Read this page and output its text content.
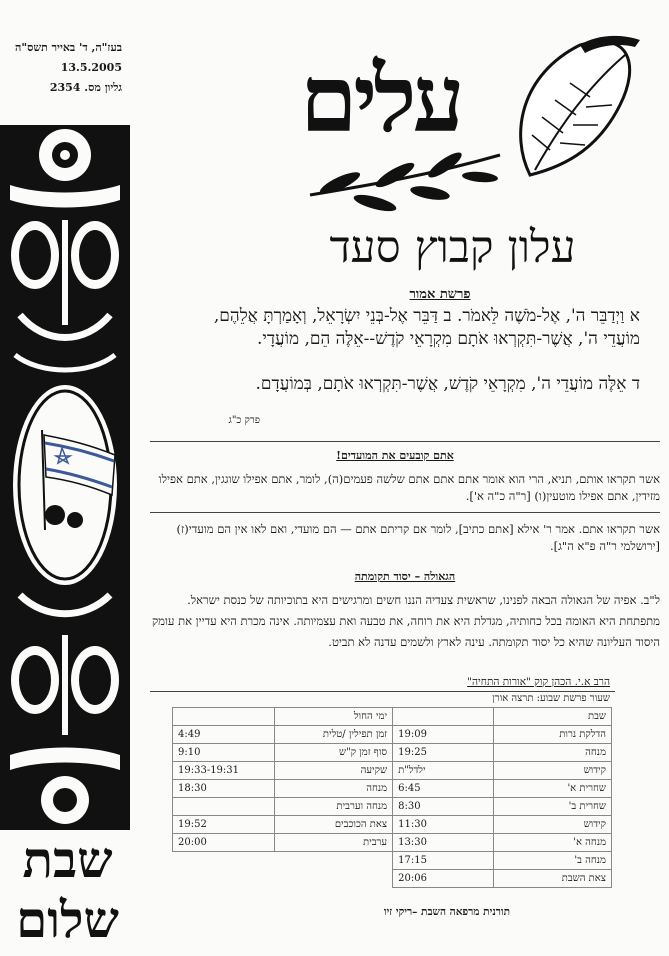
בעז"ה, ד' באייר תשס"ה
13.5.2005
גליון מס. 2354 עלים
עלון קבוץ סעד
שבת
שלום
פרשת אמור
א וַיְדַבֵּר ה', אֶל-מֹשֶׁה לֵּאמֹר. ב דַּבֵּר אֶל-בְּנֵי יִשְׂרָאֵל, וְאָמַרְתָּ אֲלֵהֶם, מוֹעֲדֵי ה', אֲשֶׁר-תִּקְרְאוּ אֹתָם מִקְרָאֵי קֹדֶשׁ--אֵלֶּה הֵם, מוֹעֲדָי.
ד אֵלֶּה מוֹעֲדֵי ה', מִקְרָאֵי קֹדֶשׁ, אֲשֶׁר-תִּקְרְאוּ אֹתָם, בְּמוֹעֲדָם.
פרק כ"ג
אתם קובעים את המועדים!
אשר תקראו אותם, תניא, הרי הוא אומר אתם אתם אתם שלשה פעמים(ה), לומר, אתם אפילו שוגגין, אתם אפילו מזידין, אתם אפילו מוטעין(ו) [ר"ה כ"ה א'].
אשר תקראו אתם. אמר ר' אילא [אתם כתיב], לומר אם קריתם אתם — הם מועדי, ואם לאו אין הם מועדי(ז) [ירושלמי ר"ה פ"א ה"ג].
הגאולה – יסוד תקומתה
ל"ב. אפיה של הגאולה הבאה לפנינו, שראשית צעדיה הננו חשים ומרגישים היא בתוכיותה של כנסת ישראל. מתפתחת היא האומה בכל כחותיה, מגדלת היא את רוחה, את טבעה ואת עצמיותה. אינה מכרת היא עדיין את עומק היסוד העליונה שהיא כל יסוד תקומתה. עינה לארץ ולשמים עדנה לא תביט.
הרב א.י. הכהן קוק "אורות התחיה"
שעור פרשת שבוע: תרצה אורן
שבת		ימי החול	
הדלקת נרות	19:09	זמן תפילין /טלית	4:49
מנחה	19:25	סוף זמן ק"ש	9:10
קידוש	ילדל"ת	שקיעה	19:33-19:31
שחרית א'	6:45	מנחה	18:30
שחרית ב'	8:30	מנחה וערבית	
קידוש	11:30	צאת הכוכבים	19:52
מנחה א'	13:30	ערבית	20:00
מנחה ב'	17:15		
צאת השבת	20:06		
תורנית מרפאה השבת –ריקי זיו
